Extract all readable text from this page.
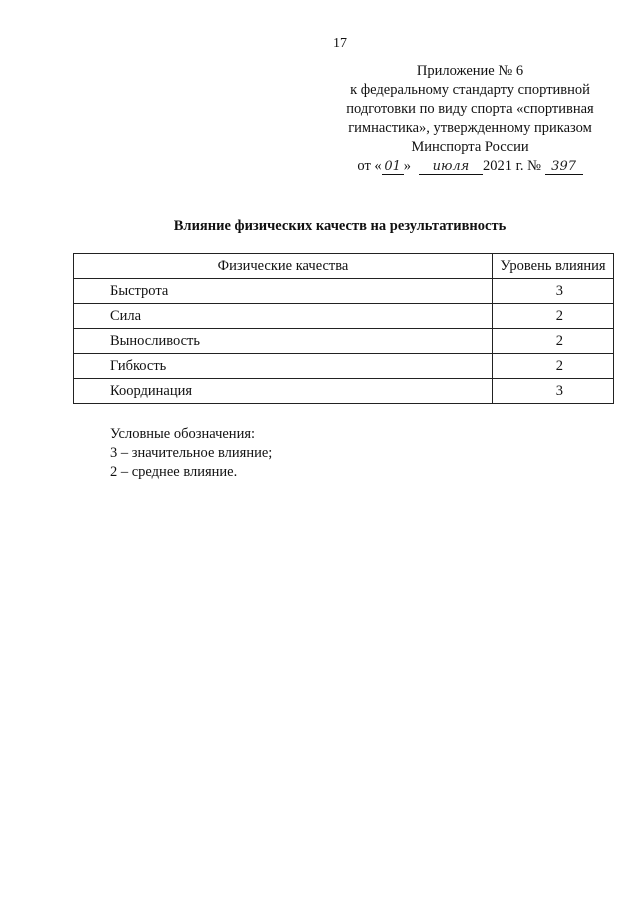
17
Приложение № 6
к федеральному стандарту спортивной
подготовки по виду спорта «спортивная
гимнастика», утвержденному приказом
Минспорта России
от « 01 » июля 2021 г. № 397
Влияние физических качеств на результативность
Физические качества	Уровень влияния
Быстрота	3
Сила	2
Выносливость	2
Гибкость	2
Координация	3
Условные обозначения:
3 – значительное влияние;
2 – среднее влияние.
